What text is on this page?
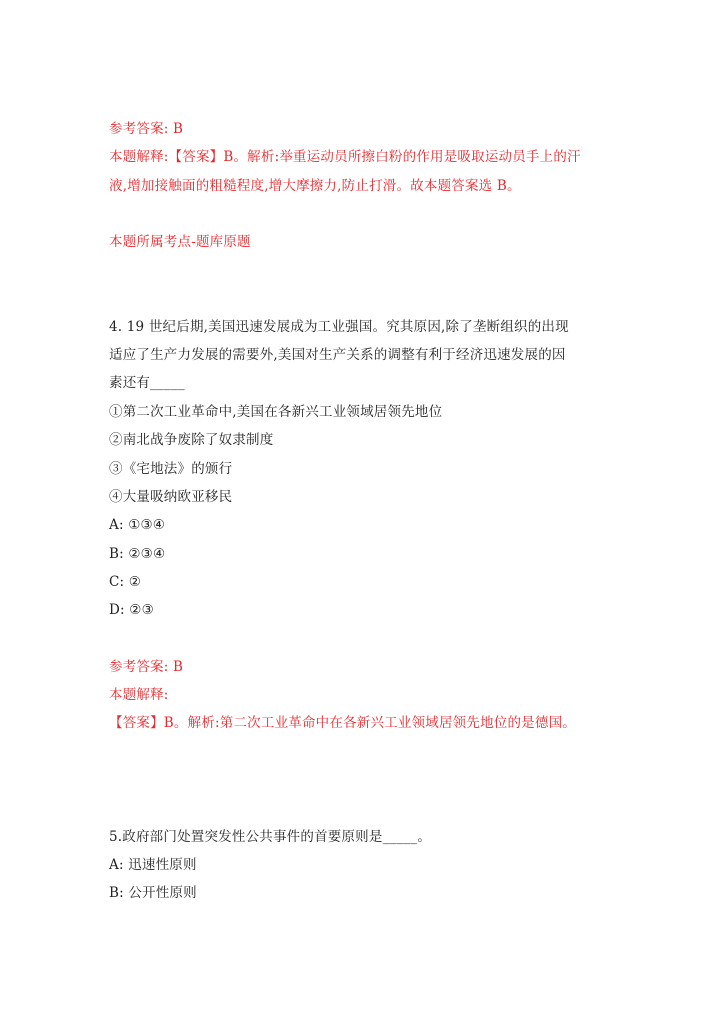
参考答案: B
本题解释:【答案】B。解析:举重运动员所擦白粉的作用是吸取运动员手上的汗
液,增加接触面的粗糙程度,增大摩擦力,防止打滑。故本题答案选 B。
本题所属考点-题库原题
4. 19 世纪后期,美国迅速发展成为工业强国。究其原因,除了垄断组织的出现
适应了生产力发展的需要外,美国对生产关系的调整有利于经济迅速发展的因
素还有_____
①第二次工业革命中,美国在各新兴工业领域居领先地位
②南北战争废除了奴隶制度
③《宅地法》的颁行
④大量吸纳欧亚移民
A: ①③④
B: ②③④
C: ②
D: ②③
参考答案: B
本题解释:
【答案】B。解析:第二次工业革命中在各新兴工业领域居领先地位的是德国。
5.政府部门处置突发性公共事件的首要原则是_____。
A: 迅速性原则
B: 公开性原则
